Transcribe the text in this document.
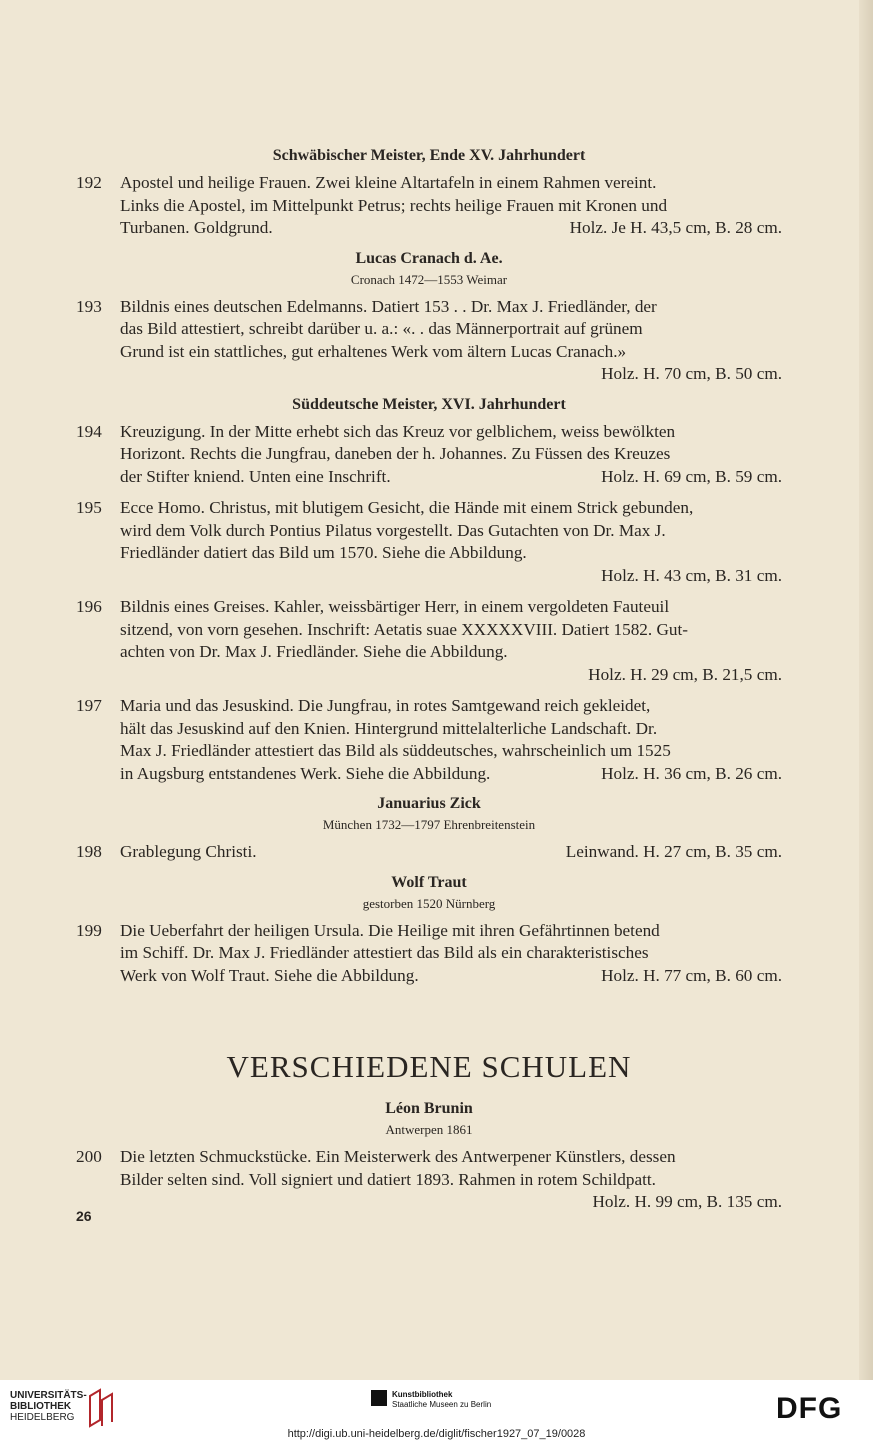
Schwäbischer Meister, Ende XV. Jahrhundert
192 Apostel und heilige Frauen. Zwei kleine Altartafeln in einem Rahmen vereint.
Links die Apostel, im Mittelpunkt Petrus; rechts heilige Frauen mit Kronen und
Holz. Je H. 43,5 cm, B. 28 cm.
Turbanen. Goldgrund.
Lucas Cranach d. Ae.
Cronach 1472—1553 Weimar
193 Bildnis eines deutschen Edelmanns. Datiert 153 . . Dr. Max J. Friedländer, der
das Bild attestiert, schreibt darüber u. a.: «. . das Männerportrait auf grünem
Grund ist ein stattliches, gut erhaltenes Werk vom ältern Lucas Cranach.»
Holz. H. 70 cm, B. 50 cm.
Süddeutsche Meister, XVI. Jahrhundert
194 Kreuzigung. In der Mitte erhebt sich das Kreuz vor gelblichem, weiss bewölkten
Horizont. Rechts die Jungfrau, daneben der h. Johannes. Zu Füssen des Kreuzes
Holz. H. 69 cm, B. 59 cm.
der Stifter kniend. Unten eine Inschrift.
195 Ecce Homo. Christus, mit blutigem Gesicht, die Hände mit einem Strick gebunden,
wird dem Volk durch Pontius Pilatus vorgestellt. Das Gutachten von Dr. Max J.
Friedländer datiert das Bild um 1570. Siehe die Abbildung.
Holz. H. 43 cm, B. 31 cm.
196 Bildnis eines Greises. Kahler, weissbärtiger Herr, in einem vergoldeten Fauteuil
sitzend, von vorn gesehen. Inschrift: Aetatis suae XXXXXVIII. Datiert 1582. Gut-
achten von Dr. Max J. Friedländer. Siehe die Abbildung.
Holz. H. 29 cm, B. 21,5 cm.
197 Maria und das Jesuskind. Die Jungfrau, in rotes Samtgewand reich gekleidet,
hält das Jesuskind auf den Knien. Hintergrund mittelalterliche Landschaft. Dr.
Max J. Friedländer attestiert das Bild als süddeutsches, wahrscheinlich um 1525
Holz. H. 36 cm, B. 26 cm.
in Augsburg entstandenes Werk. Siehe die Abbildung.
Januarius Zick
München 1732—1797 Ehrenbreitenstein
198	Leinwand. H. 27 cm, B. 35 cm.
Grablegung Christi.
Wolf Traut
gestorben 1520 Nürnberg
199 Die Ueberfahrt der heiligen Ursula. Die Heilige mit ihren Gefährtinnen betend
im Schiff. Dr. Max J. Friedländer attestiert das Bild als ein charakteristisches
Holz. H. 77 cm, B. 60 cm.
Werk von Wolf Traut. Siehe die Abbildung.
VERSCHIEDENE SCHULEN
Léon Brunin
Antwerpen 1861
200 Die letzten Schmuckstücke. Ein Meisterwerk des Antwerpener Künstlers, dessen
Bilder selten sind. Voll signiert und datiert 1893. Rahmen in rotem Schildpatt.
Holz. H. 99 cm, B. 135 cm.
26
UNIVERSITÄTS-
BIBLIOTHEK
HEIDELBERG
Kunstbibliothek
Staatliche Museen zu Berlin	DFG
http://digi.ub.uni-heidelberg.de/diglit/fischer1927_07_19/0028
